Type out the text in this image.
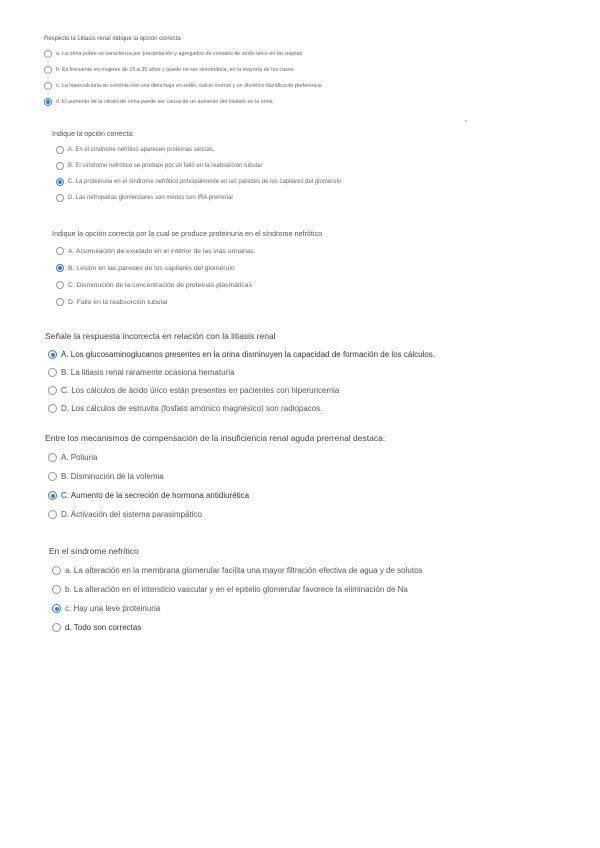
Respecto la Litiasis renal indique la opción correcta
a. La orina pobre se caracteriza por precipitación y agregados de cristales de ácido úrico en las papilas
b. Es frecuente en mujeres de 15 a 35 años y puede no ser sintomática, en la mayoría de los casos
c. La hipercalciuria se controla con una dieta baja en sodio, calcio normal y un diurético tiazídico de preferencia
d. El aumento de la citrato de orina puede ser causa de un aumento del oxalato en la orina
Indique la opción correcta:
A. En el síndrome nefrítico aparecen proteínas séricas.
B. El síndrome nefrótico se produce por un fallo en la reabsorción tubular
C. La proteinuria en el síndrome nefrótico principalmente en las paredes de los capilares del glomérulo
D. Las nefropatías glomerulares son menos con IRA prerrenal
Indique la opción correcta por la cual se produce proteinuria en el síndrome nefrótico
A. Acumulación de exudado en el interior de las vías urinarias
B. Lesión en las paredes de los capilares del glomérulo
C. Disminución de la concentración de proteínas plasmáticas
D. Fallo en la reabsorción tubular
Señale la respuesta incorrecta en relación con la litiasis renal
A. Los glucosaminoglucanos presentes en la orina disminuyen la capacidad de formación de los cálculos.
B. La litiasis renal raramente ocasiona hematuria
C. Los cálculos de ácido úrico están presentes en pacientes con hiperuricemia
D. Los cálculos de estruvita (fosfato amónico magnésico) son radiopacos.
Entre los mecanismos de compensación de la insuficiencia renal aguda prerrenal destaca:
A. Poliuria
B. Disminución de la volemia
C. Aumento de la secreción de hormona antidiurética
D. Activación del sistema parasimpático
En el síndrome nefrítico
a. La alteración en la membrana glomerular facilita una mayor filtración efectiva de agua y de solutos
b. La alteración en el intersticio vascular y en el epitelio glomerular favorece la eliminación de Na
c. Hay una leve proteinuria
d. Todo son correctas
